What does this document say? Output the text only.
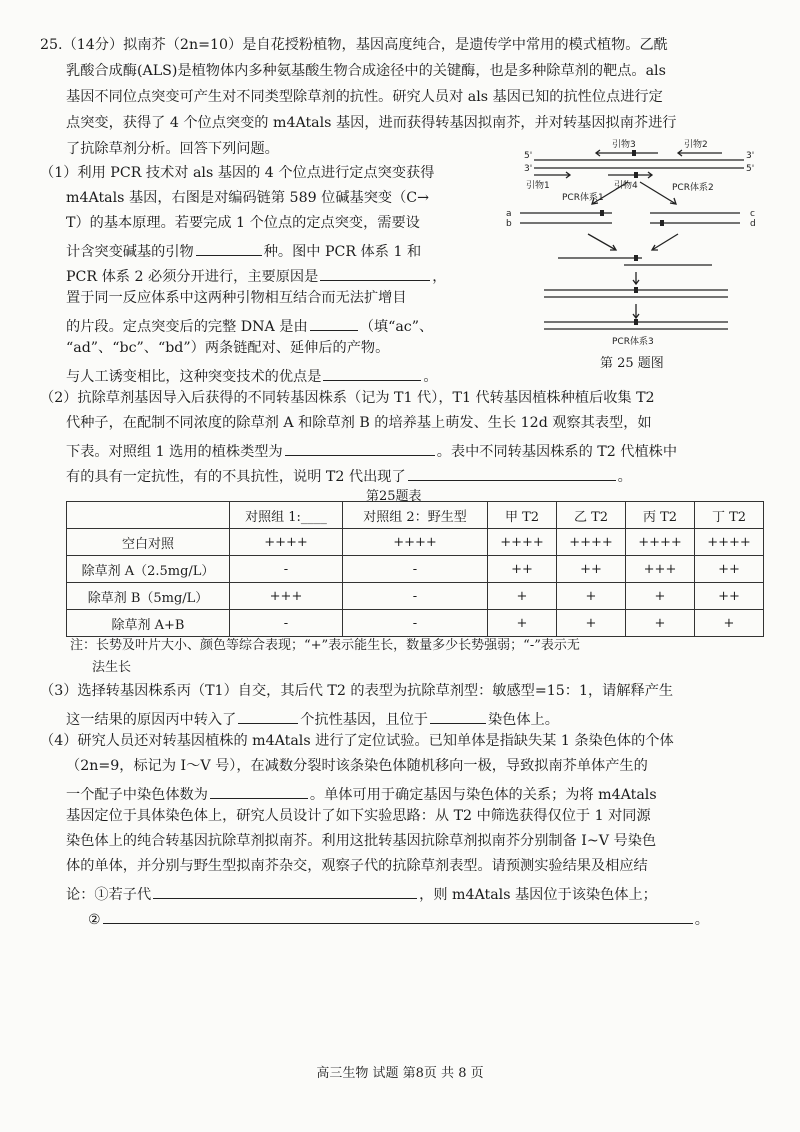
25.（14分）拟南芥（2n=10）是自花授粉植物，基因高度纯合，是遗传学中常用的模式植物。乙酰
乳酸合成酶(ALS)是植物体内多种氨基酸生物合成途径中的关键酶，也是多种除草剂的靶点。als
基因不同位点突变可产生对不同类型除草剂的抗性。研究人员对 als 基因已知的抗性位点进行定
点突变，获得了 4 个位点突变的 m4Atals 基因，进而获得转基因拟南芥，并对转基因拟南芥进行
了抗除草剂分析。回答下列问题。
（1）利用 PCR 技术对 als 基因的 4 个位点进行定点突变获得
m4Atals 基因，右图是对编码链第 589 位碱基突变（C→
T）的基本原理。若要完成 1 个位点的定点突变，需要设
计含突变碱基的引物	种。图中 PCR 体系 1 和
PCR 体系 2 必须分开进行，主要原因是	，
置于同一反应体系中这两种引物相互结合而无法扩增目
的片段。定点突变后的完整 DNA 是由	（填“ac”、
“ad”、“bc”、“bd”）两条链配对、延伸后的产物。
与人工诱变相比，这种突变技术的优点是	。
5'	3'
3'	5'
引物3	引物2
引物1	引物4
PCR体系1
PCR体系2
a
b
c
d
PCR体系3
第 25 题图
（2）抗除草剂基因导入后获得的不同转基因株系（记为 T1 代），T1 代转基因植株种植后收集 T2
代种子，在配制不同浓度的除草剂 A 和除草剂 B 的培养基上萌发、生长 12d 观察其表型，如
下表。对照组 1 选用的植株类型为	。表中不同转基因株系的 T2 代植株中
有的具有一定抗性，有的不具抗性，说明 T2 代出现了	。
第25题表
	对照组 1:____	对照组 2：野生型	甲 T2	乙 T2	丙 T2	丁 T2
空白对照	++++	++++	++++	++++	++++	++++
除草剂 A（2.5mg/L）	-	-	++	++	+++	++
除草剂 B（5mg/L）	+++	-	+	+	+	++
除草剂 A+B	-	-	+	+	+	+
注：长势及叶片大小、颜色等综合表现；“+”表示能生长，数量多少长势强弱；“-”表示无
法生长
（3）选择转基因株系丙（T1）自交，其后代 T2 的表型为抗除草剂型：敏感型=15：1，请解释产生
这一结果的原因丙中转入了	个抗性基因，且位于	染色体上。
（4）研究人员还对转基因植株的 m4Atals 进行了定位试验。已知单体是指缺失某 1 条染色体的个体
（2n=9，标记为 I～V 号），在减数分裂时该条染色体随机移向一极，导致拟南芥单体产生的
一个配子中染色体数为	。单体可用于确定基因与染色体的关系；为将 m4Atals
基因定位于具体染色体上，研究人员设计了如下实验思路：从 T2 中筛选获得仅位于 1 对同源
染色体上的纯合转基因抗除草剂拟南芥。利用这批转基因抗除草剂拟南芥分别制备 I~V 号染色
体的单体，并分别与野生型拟南芥杂交，观察子代的抗除草剂表型。请预测实验结果及相应结
论：①若子代	，则 m4Atals 基因位于该染色体上；
②	。
高三生物 试题 第8页 共 8 页
